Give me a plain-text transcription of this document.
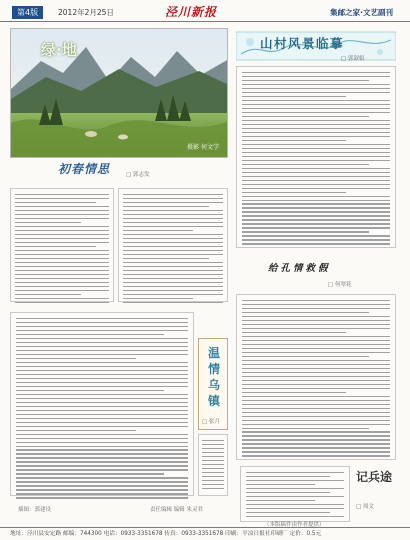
第4版	2012年2月25日	泾川新报	集邮之家·文艺副刊
绿·地
摄影 何文学
山村风景临摹
□ 郭淑娟
初春情思	□ 郭志发
给孔情救假
□ 何翠花
温情乌镇
□ 张月
记兵途
□ 周文
插图：郭建设	责任编辑 编辑 朱灵君
（本版稿件由作者提供）
地址：泾川县安定路 邮编：744300 电话：0933-3351678 传真：0933-3351678 印刷：平凉日报社印刷厂 定价：0.5元
